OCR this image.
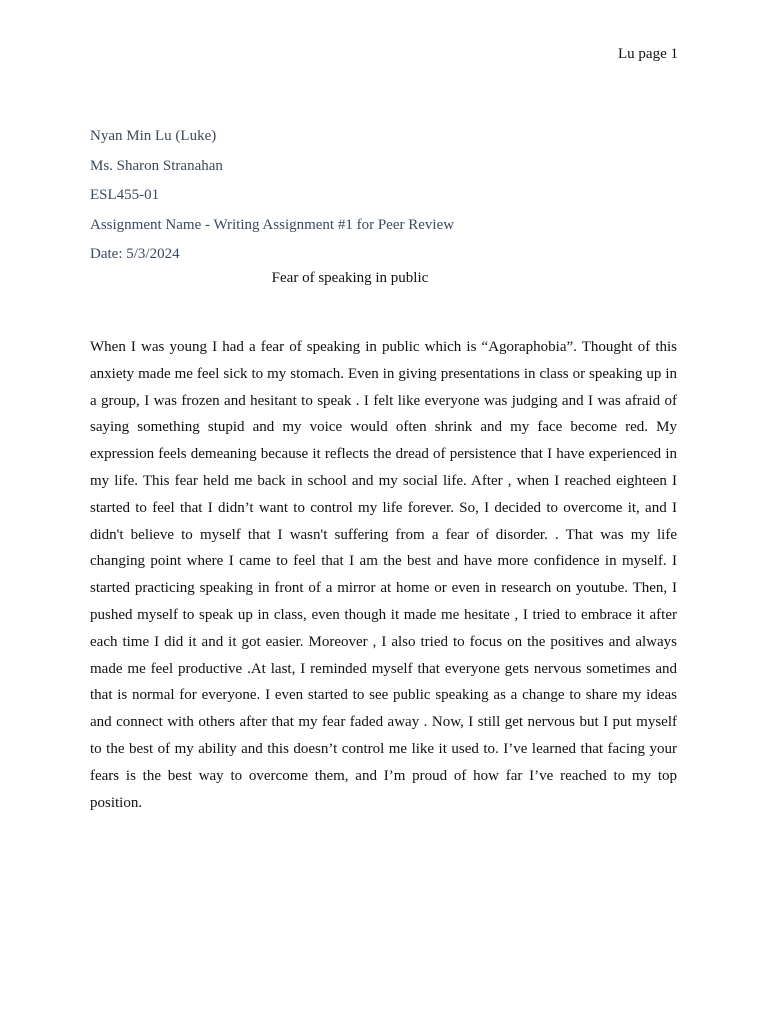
Lu page 1
Nyan Min Lu (Luke)
Ms. Sharon Stranahan
ESL455-01
Assignment Name - Writing Assignment #1 for Peer Review
Date: 5/3/2024
Fear of speaking in public

When I was young I had a fear of speaking in public which is “Agoraphobia”. Thought of this anxiety made me feel sick to my stomach. Even in giving presentations in class or speaking up in a group, I was frozen and hesitant to speak . I felt like everyone was judging and I was afraid of saying something stupid and my voice would often shrink and my face become red. My expression feels demeaning because it reflects the dread of persistence that I have experienced in my life. This fear held me back in school and my social life. After , when I reached eighteen I started to feel that I didn’t want to control my life forever. So, I decided to overcome it, and I didn't believe to myself that I wasn't suffering from a fear of disorder. . That was my life changing point where I came to feel that I am the best and have more confidence in myself. I started practicing speaking in front of a mirror at home or even in research on youtube. Then, I pushed myself to speak up in class, even though it made me hesitate , I tried to embrace it after each time I did it and it got easier. Moreover , I also tried to focus on the positives and always made me feel productive .At last, I reminded myself that everyone gets nervous sometimes and that is normal for everyone. I even started to see public speaking as a change to share my ideas and connect with others after that my fear faded away . Now, I still get nervous but I put myself to the best of my ability and this doesn’t control me like it used to. I’ve learned that facing your fears is the best way to overcome them, and I’m proud of how far I’ve reached to my top position.
